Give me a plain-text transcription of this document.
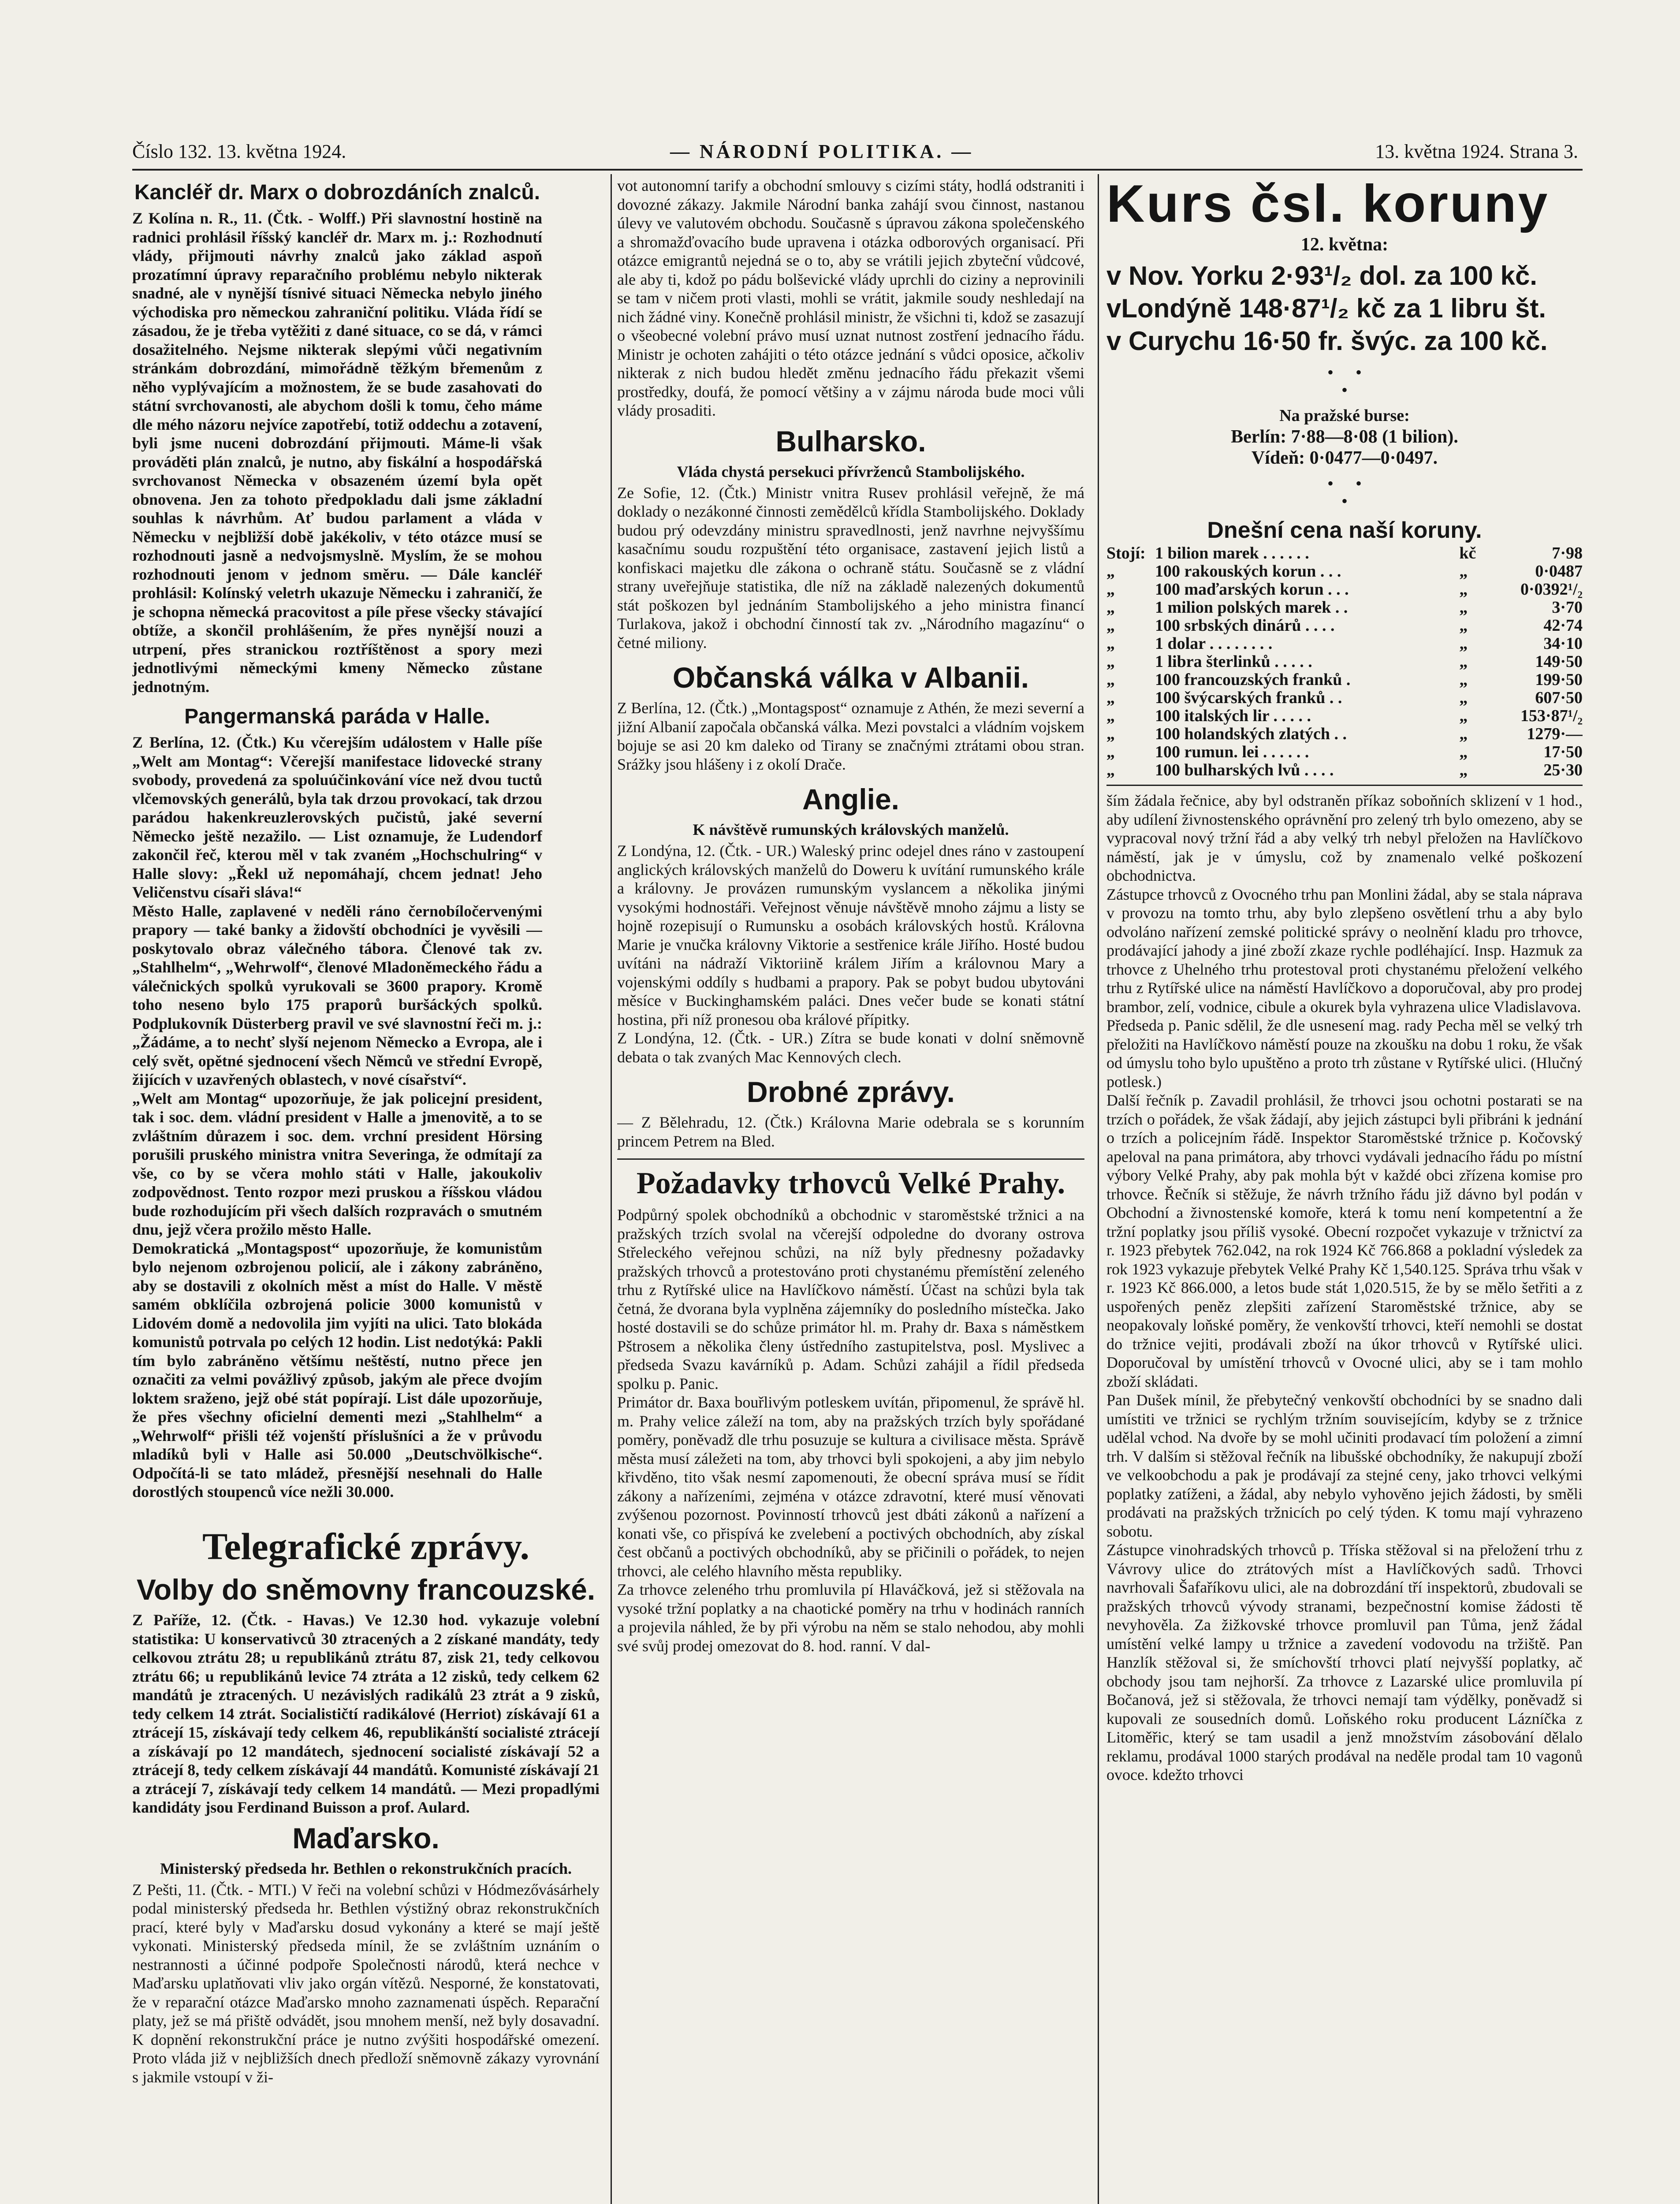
Číslo 132. 13. května 1924.	— NÁRODNÍ POLITIKA. —	13. května 1924. Strana 3.
Kancléř dr. Marx o dobrozdáních znalců.

Z Kolína n. R., 11. (Čtk. - Wolff.) Při slavnostní hostině na radnici prohlásil říšský kancléř dr. Marx m. j.: Rozhodnutí vlády, přijmouti návrhy znalců jako základ aspoň prozatímní úpravy reparačního problému nebylo nikterak snadné, ale v nynější tísnivé situaci Německa nebylo jiného východiska pro německou zahraniční politiku. Vláda řídí se zásadou, že je třeba vytěžiti z dané situace, co se dá, v rámci dosažitelného. Nejsme nikterak slepými vůči negativním stránkám dobrozdání, mimořádně těžkým břemenům z něho vyplývajícím a možnostem, že se bude zasahovati do státní svrchovanosti, ale abychom došli k tomu, čeho máme dle mého názoru nejvíce zapotřebí, totiž oddechu a zotavení, byli jsme nuceni dobrozdání přijmouti. Máme-li však prováděti plán znalců, je nutno, aby fiskální a hospodářská svrchovanost Německa v obsazeném území byla opět obnovena. Jen za tohoto předpokladu dali jsme základní souhlas k návrhům. Ať budou parlament a vláda v Německu v nejbližší době jakékoliv, v této otázce musí se rozhodnouti jasně a nedvojsmyslně. Myslím, že se mohou rozhodnouti jenom v jednom směru. — Dále kancléř prohlásil: Kolínský veletrh ukazuje Německu i zahraničí, že je schopna německá pracovitost a píle přese všecky stávající obtíže, a skončil prohlášením, že přes nynější nouzi a utrpení, přes stranickou roztříštěnost a spory mezi jednotlivými německými kmeny Německo zůstane jednotným.

Pangermanská paráda v Halle.

Z Berlína, 12. (Čtk.) Ku včerejším událostem v Halle píše „Welt am Montag“: Včerejší manifestace lidovecké strany svobody, provedená za spoluúčinkování více než dvou tuctů vlčemovských generálů, byla tak drzou provokací, tak drzou parádou hakenkreuzlerovských pučistů, jaké severní Německo ještě nezažilo. — List oznamuje, že Ludendorf zakončil řeč, kterou měl v tak zvaném „Hochschulring“ v Halle slovy: „Řekl už nepomáhají, chcem jednat! Jeho Veličenstvu císaři sláva!“

Město Halle, zaplavené v neděli ráno černobíločervenými prapory — také banky a židovští obchodníci je vyvěsili — poskytovalo obraz válečného tábora. Členové tak zv. „Stahlhelm“, „Wehrwolf“, členové Mladoněmeckého řádu a válečnických spolků vyrukovali se 3600 prapory. Kromě toho neseno bylo 175 praporů buršáckých spolků. Podplukovník Düsterberg pravil ve své slavnostní řeči m. j.: „Žádáme, a to nechť slyší nejenom Německo a Evropa, ale i celý svět, opětné sjednocení všech Němců ve střední Evropě, žijících v uzavřených oblastech, v nové císařství“.

„Welt am Montag“ upozorňuje, že jak policejní president, tak i soc. dem. vládní president v Halle a jmenovitě, a to se zvláštním důrazem i soc. dem. vrchní president Hörsing porušili pruského ministra vnitra Severinga, že odmítají za vše, co by se včera mohlo státi v Halle, jakoukoliv zodpovědnost. Tento rozpor mezi pruskou a říšskou vládou bude rozhodujícím při všech dalších rozpravách o smutném dnu, jejž včera prožilo město Halle.

Demokratická „Montagspost“ upozorňuje, že komunistům bylo nejenom ozbrojenou policií, ale i zákony zabráněno, aby se dostavili z okolních měst a míst do Halle. V městě samém obklíčila ozbrojená policie 3000 komunistů v Lidovém domě a nedovolila jim vyjíti na ulici. Tato blokáda komunistů potrvala po celých 12 hodin. List nedotýká: Pakli tím bylo zabráněno většímu neštěstí, nutno přece jen označiti za velmi povážlivý způsob, jakým ale přece dvojím loktem sraženo, jejž obé stát popírají. List dále upozorňuje, že přes všechny oficielní dementi mezi „Stahlhelm“ a „Wehrwolf“ přišli též vojenští příslušníci a že v průvodu mladíků byli v Halle asi 50.000 „Deutschvölkische“. Odpočítá-li se tato mládež, přesnější nesehnali do Halle dorostlých stoupenců více nežli 30.000.

vot autonomní tarify a obchodní smlouvy s cizími státy, hodlá odstraniti i dovozné zákazy. Jakmile Národní banka zahájí svou činnost, nastanou úlevy ve valutovém obchodu. Současně s úpravou zákona společenského a shromažďovacího bude upravena i otázka odborových organisací. Při otázce emigrantů nejedná se o to, aby se vrátili jejich zbyteční vůdcové, ale aby ti, kdož po pádu bolševické vlády uprchli do ciziny a neprovinili se tam v ničem proti vlasti, mohli se vrátit, jakmile soudy neshledají na nich žádné viny. Konečně prohlásil ministr, že všichni ti, kdož se zasazují o všeobecné volební právo musí uznat nutnost zostření jednacího řádu. Ministr je ochoten zahájiti o této otázce jednání s vůdci oposice, ačkoliv nikterak z nich budou hledět změnu jednacího řádu překazit všemi prostředky, doufá, že pomocí většiny a v zájmu národa bude moci vůli vlády prosaditi.

Bulharsko.
Vláda chystá persekuci přívrženců Stambolijského.

Ze Sofie, 12. (Čtk.) Ministr vnitra Rusev prohlásil veřejně, že má doklady o nezákonné činnosti zemědělců křídla Stambolijského. Doklady budou prý odevzdány ministru spravedlnosti, jenž navrhne nejvyššímu kasačnímu soudu rozpuštění této organisace, zastavení jejich listů a konfiskaci majetku dle zákona o ochraně státu. Současně se z vládní strany uveřejňuje statistika, dle níž na základě nalezených dokumentů stát poškozen byl jednáním Stambolijského a jeho ministra financí Turlakova, jakož i obchodní činností tak zv. „Národního magazínu“ o četné miliony.

Občanská válka v Albanii.

Z Berlína, 12. (Čtk.) „Montagspost“ oznamuje z Athén, že mezi severní a jižní Albanií započala občanská válka. Mezi povstalci a vládním vojskem bojuje se asi 20 km daleko od Tirany se značnými ztrátami obou stran. Srážky jsou hlášeny i z okolí Drače.

Anglie.
K návštěvě rumunských královských manželů.

Z Londýna, 12. (Čtk. - UR.) Waleský princ odejel dnes ráno v zastoupení anglických královských manželů do Doweru k uvítání rumunského krále a královny. Je provázen rumunským vyslancem a několika jinými vysokými hodnostáři. Veřejnost věnuje návštěvě mnoho zájmu a listy se hojně rozepisují o Rumunsku a osobách královských hostů. Královna Marie je vnučka královny Viktorie a sestřenice krále Jiřího. Hosté budou uvítáni na nádraží Viktoriině králem Jiřím a královnou Mary a vojenskými oddíly s hudbami a prapory. Pak se pobyt budou ubytováni měsíce v Buckinghamském paláci. Dnes večer bude se konati státní hostina, při níž pronesou oba králové přípitky.

Z Londýna, 12. (Čtk. - UR.) Zítra se bude konati v dolní sněmovně debata o tak zvaných Mac Kennových clech.

Drobné zprávy.

— Z Bělehradu, 12. (Čtk.) Královna Marie odebrala se s korunním princem Petrem na Bled.

Požadavky trhovců Velké Prahy.

Podpůrný spolek obchodníků a obchodnic v staroměstské tržnici a na pražských trzích svolal na včerejší odpoledne do dvorany ostrova Střeleckého veřejnou schůzi, na níž byly přednesny požadavky pražských trhovců a protestováno proti chystanému přemístění zeleného trhu z Rytířské ulice na Havlíčkovo náměstí. Účast na schůzi byla tak četná, že dvorana byla vyplněna zájemníky do posledního místečka. Jako hosté dostavili se do schůze primátor hl. m. Prahy dr. Baxa s náměstkem Pštrosem a několika členy ústředního zastupitelstva, posl. Myslivec a předseda Svazu kavárníků p. Adam. Schůzi zahájil a řídil předseda spolku p. Panic.

Primátor dr. Baxa bouřlivým potleskem uvítán, připomenul, že správě hl. m. Prahy velice záleží na tom, aby na pražských trzích byly spořádané poměry, poněvadž dle trhu posuzuje se kultura a civilisace města. Správě města musí záležeti na tom, aby trhovci byli spokojeni, a aby jim nebylo křivděno, tito však nesmí zapomenouti, že obecní správa musí se řídit zákony a nařízeními, zejména v otázce zdravotní, které musí věnovati zvýšenou pozornost. Povinností trhovců jest dbáti zákonů a nařízení a konati vše, co přispívá ke zvelebení a poctivých obchodních, aby získal čest občanů a poctivých obchodníků, aby se přičinili o pořádek, to nejen trhovci, ale celého hlavního města republiky.

Za trhovce zeleného trhu promluvila pí Hlaváčková, jež si stěžovala na vysoké tržní poplatky a na chaotické poměry na trhu v hodinách ranních a projevila náhled, že by při výrobu na něm se stalo nehodou, aby mohli své svůj prodej omezovat do 8. hod. ranní. V dal-

Kurs čsl. koruny
12. května:
v Nov. Yorku 2·93¹/₂ dol. za 100 kč.
vLondýně 148·87¹/₂ kč za 1 libru št.
v Curychu 16·50 fr. švýc. za 100 kč.
•     •
•
Na pražské burse:
Berlín: 7·88—8·08 (1 bilion).
Vídeň: 0·0477—0·0497.
•     •
•
Dnešní cena naší koruny.
Stojí:	1 bilion marek . . . . . .	kč	7·98
„	100 rakouských korun . . .	„	0·0487
„	100 maďarských korun . . .	„	0·0392¹/₂
„	1 milion polských marek . .	„	3·70
„	100 srbských dinárů . . . .	„	42·74
„	1 dolar . . . . . . . .	„	34·10
„	1 libra šterlinků . . . . .	„	149·50
„	100 francouzských franků .	„	199·50
„	100 švýcarských franků . .	„	607·50
„	100 italských lir . . . . .	„	153·87¹/₂
„	100 holandských zlatých . .	„	1279·—
„	100 rumun. lei . . . . . .	„	17·50
„	100 bulharských lvů . . . .	„	25·30

ším žádala řečnice, aby byl odstraněn příkaz soboňních sklizení v 1 hod., aby udílení živnostenského oprávnění pro zelený trh bylo omezeno, aby se vypracoval nový tržní řád a aby velký trh nebyl přeložen na Havlíčkovo náměstí, jak je v úmyslu, což by znamenalo velké poškození obchodnictva.

Zástupce trhovců z Ovocného trhu pan Monlini žádal, aby se stala náprava v provozu na tomto trhu, aby bylo zlepšeno osvětlení trhu a aby bylo odvoláno nařízení zemské politické správy o neolnění kladu pro trhovce, prodávající jahody a jiné zboží zkaze rychle podléhající. Insp. Hazmuk za trhovce z Uhelného trhu protestoval proti chystanému přeložení velkého trhu z Rytířské ulice na náměstí Havlíčkovo a doporučoval, aby pro prodej brambor, zelí, vodnice, cibule a okurek byla vyhrazena ulice Vladislavova.

Předseda p. Panic sdělil, že dle usnesení mag. rady Pecha měl se velký trh přeložiti na Havlíčkovo náměstí pouze na zkoušku na dobu 1 roku, že však od úmyslu toho bylo upuštěno a proto trh zůstane v Rytířské ulici. (Hlučný potlesk.)

Další řečník p. Zavadil prohlásil, že trhovci jsou ochotni postarati se na trzích o pořádek, že však žádají, aby jejich zástupci byli přibráni k jednání o trzích a policejním řádě. Inspektor Staroměstské tržnice p. Kočovský apeloval na pana primátora, aby trhovci vydávali jednacího řádu po místní výbory Velké Prahy, aby pak mohla být v každé obci zřízena komise pro trhovce. Řečník si stěžuje, že návrh tržního řádu již dávno byl podán v Obchodní a živnostenské komoře, která k tomu není kompetentní a že tržní poplatky jsou příliš vysoké. Obecní rozpočet vykazuje v tržnictví za r. 1923 přebytek 762.042, na rok 1924 Kč 766.868 a pokladní výsledek za rok 1923 vykazuje přebytek Velké Prahy Kč 1,540.125. Správa trhu však v r. 1923 Kč 866.000, a letos bude stát 1,020.515, že by se mělo šetřiti a z uspořených peněz zlepšiti zařízení Staroměstské tržnice, aby se neopakovaly loňské poměry, že venkovští trhovci, kteří nemohli se dostat do tržnice vejiti, prodávali zboží na úkor trhovců v Rytířské ulici. Doporučoval by umístění trhovců v Ovocné ulici, aby se i tam mohlo zboží skládati.

Pan Dušek mínil, že přebytečný venkovští obchodníci by se snadno dali umístiti ve tržnici se rychlým tržním souvisejícím, kdyby se z tržnice udělal vchod. Na dvoře by se mohl učiniti prodavací tím položení a zimní trh. V dalším si stěžoval řečník na libušské obchodníky, že nakupují zboží ve velkoobchodu a pak je prodávají za stejné ceny, jako trhovci velkými poplatky zatíženi, a žádal, aby nebylo vyhověno jejich žádosti, by směli prodávati na pražských tržnicích po celý týden. K tomu mají vyhrazeno sobotu.

Zástupce vinohradských trhovců p. Tříska stěžoval si na přeložení trhu z Vávrovy ulice do ztrátových míst a Havlíčkových sadů. Trhovci navrhovali Šafaříkovu ulici, ale na dobrozdání tří inspektorů, zbudovali se pražských trhovců vývody stranami, bezpečnostní komise žádosti tě nevyhověla. Za žižkovské trhovce promluvil pan Tůma, jenž žádal umístění velké lampy u tržnice a zavedení vodovodu na tržiště. Pan Hanzlík stěžoval si, že smíchovští trhovci platí nejvyšší poplatky, ač obchody jsou tam nejhorší. Za trhovce z Lazarské ulice promluvila pí Bočanová, jež si stěžovala, že trhovci nemají tam výdělky, poněvadž si kupovali ze sousedních domů. Loňského roku producent Lázníčka z Litoměřic, který se tam usadil a jenž množstvím zásobování dělalo reklamu, prodával 1000 starých prodával na neděle prodal tam 10 vagonů ovoce. kdežto trhovci

Telegrafické zprávy.
Volby do sněmovny francouzské.

Z Paříže, 12. (Čtk. - Havas.) Ve 12.30 hod. vykazuje volební statistika: U konservativců 30 ztracených a 2 získané mandáty, tedy celkovou ztrátu 28; u republikánů ztrátu 87, zisk 21, tedy celkovou ztrátu 66; u republikánů levice 74 ztráta a 12 zisků, tedy celkem 62 mandátů je ztracených. U nezávislých radikálů 23 ztrát a 9 zisků, tedy celkem 14 ztrát. Socialističtí radikálové (Herriot) získávají 61 a ztrácejí 15, získávají tedy celkem 46, republikánští socialisté ztrácejí a získávají po 12 mandátech, sjednocení socialisté získávají 52 a ztrácejí 8, tedy celkem získávají 44 mandátů. Komunisté získávají 21 a ztrácejí 7, získávají tedy celkem 14 mandátů. — Mezi propadlými kandidáty jsou Ferdinand Buisson a prof. Aulard.

Maďarsko.
Ministerský předseda hr. Bethlen o rekonstrukčních pracích.

Z Pešti, 11. (Čtk. - MTI.) V řeči na volební schůzi v Hódmezővásárhely podal ministerský předseda hr. Bethlen výstižný obraz rekonstrukčních prací, které byly v Maďarsku dosud vykonány a které se mají ještě vykonati. Ministerský předseda mínil, že se zvláštním uznáním o nestrannosti a účinné podpoře Společnosti národů, která nechce v Maďarsku uplatňovati vliv jako orgán vítězů. Nesporné, že konstatovati, že v reparační otázce Maďarsko mnoho zaznamenati úspěch. Reparační platy, jež se má přiště odvádět, jsou mnohem menší, než byly dosavadní. K dopnění rekonstrukční práce je nutno zvýšiti hospodářské omezení. Proto vláda již v nejbližších dnech předloží sněmovně zákazy vyrovnání s jakmile vstoupí v ži-
